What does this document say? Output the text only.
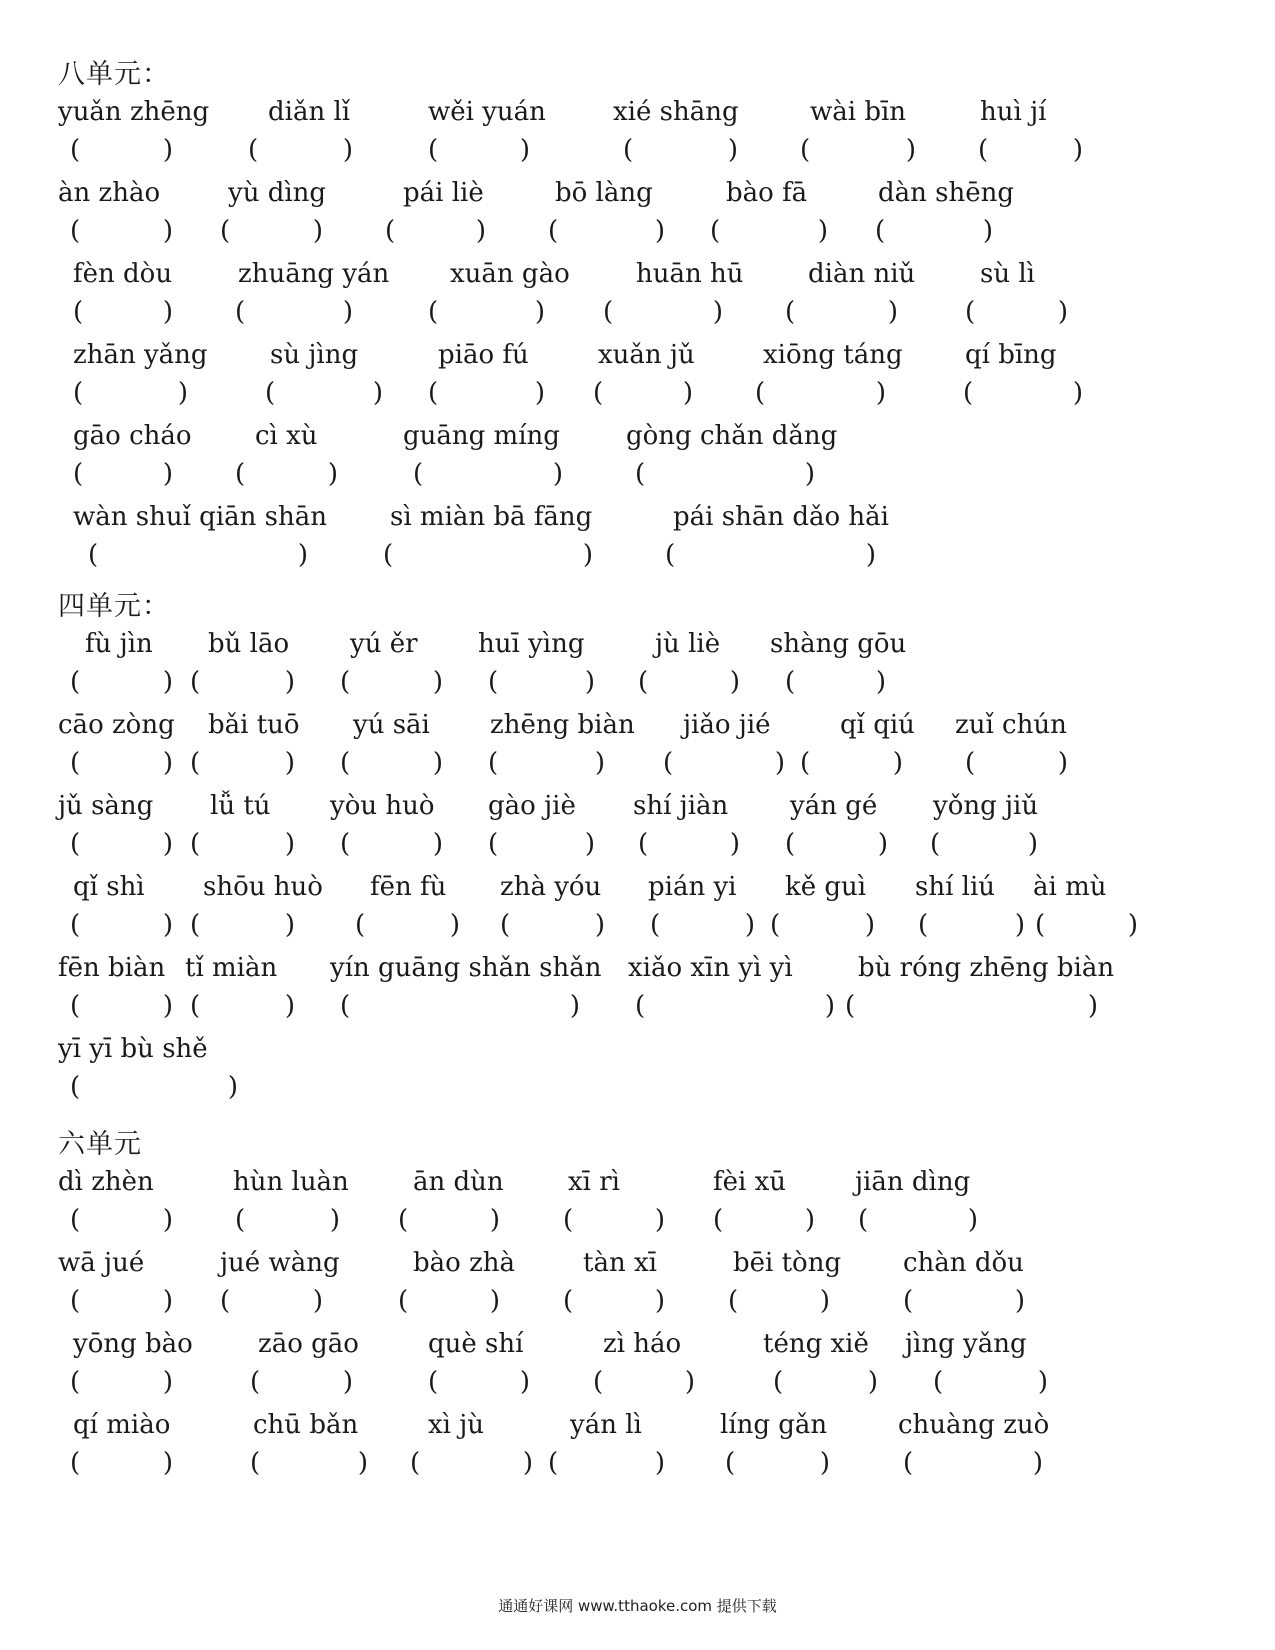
八单元：
yuǎn zhēng
(	)
diǎn lǐ
(	)
wěi yuán
(	)
xié shāng
(	)
wài bīn
(	)
huì jí
(	)
àn zhào
(	)
yù dìng
(	)
pái liè
(	)
bō làng
(	)
bào fā
(	)
dàn shēng
(	)
fèn dòu
(	)
zhuāng yán
(	)
xuān gào
(	)
huān hū
(	)
diàn niǔ
(	)
sù lì
(	)
zhān yǎng
(	)
sù jìng
(	)
piāo fú
(	)
xuǎn jǔ
(	)
xiōng táng
(	)
qí bīng
(	)
gāo cháo
(	)
cì xù
(	)
guāng míng
(	)
gòng chǎn dǎng
(	)
wàn shuǐ qiān shān
(	)
sì miàn bā fāng
(	)
pái shān dǎo hǎi
(	)
四单元：
fù jìn
(	)
bǔ lāo
(	)
yú ěr
(	)
huī yìng
(	)
jù liè
(	)
shàng gōu
(	)
cāo zòng
(	)
bǎi tuō
(	)
yú sāi
(	)
zhēng biàn
(	)
jiǎo jié
(	)
qǐ qiú
(	)
zuǐ chún
(	)
jǔ sàng
(	)
lǚ tú
(	)
yòu huò
(	)
gào jiè
(	)
shí jiàn
(	)
yán gé
(	)
yǒng jiǔ
(	)
qǐ shì
(	)
shōu huò
(	)
fēn fù
(	)
zhà yóu
(	)
pián yi
(	)
kě guì
(	)
shí liú
(	)
ài mù
(	)
fēn biàn
(	)
tǐ miàn
(	)
yín guāng shǎn shǎn
(	)
xiǎo xīn yì yì
(	)
bù róng zhēng biàn
(	)
yī yī bù shě
(	)
六单元
dì zhèn
(	)
hùn luàn
(	)
ān dùn
(	)
xī rì
(	)
fèi xū
(	)
jiān dìng
(	)
wā jué
(	)
jué wàng
(	)
bào zhà
(	)
tàn xī
(	)
bēi tòng
(	)
chàn dǒu
(	)
yōng bào
(	)
zāo gāo
(	)
què shí
(	)
zì háo
(	)
téng xiě
(	)
jìng yǎng
(	)
qí miào
(	)
chū bǎn
(	)
xì jù
(	)
yán lì
(	)
líng gǎn
(	)
chuàng zuò
(	)
通通好课网 www.tthaoke.com 提供下载
